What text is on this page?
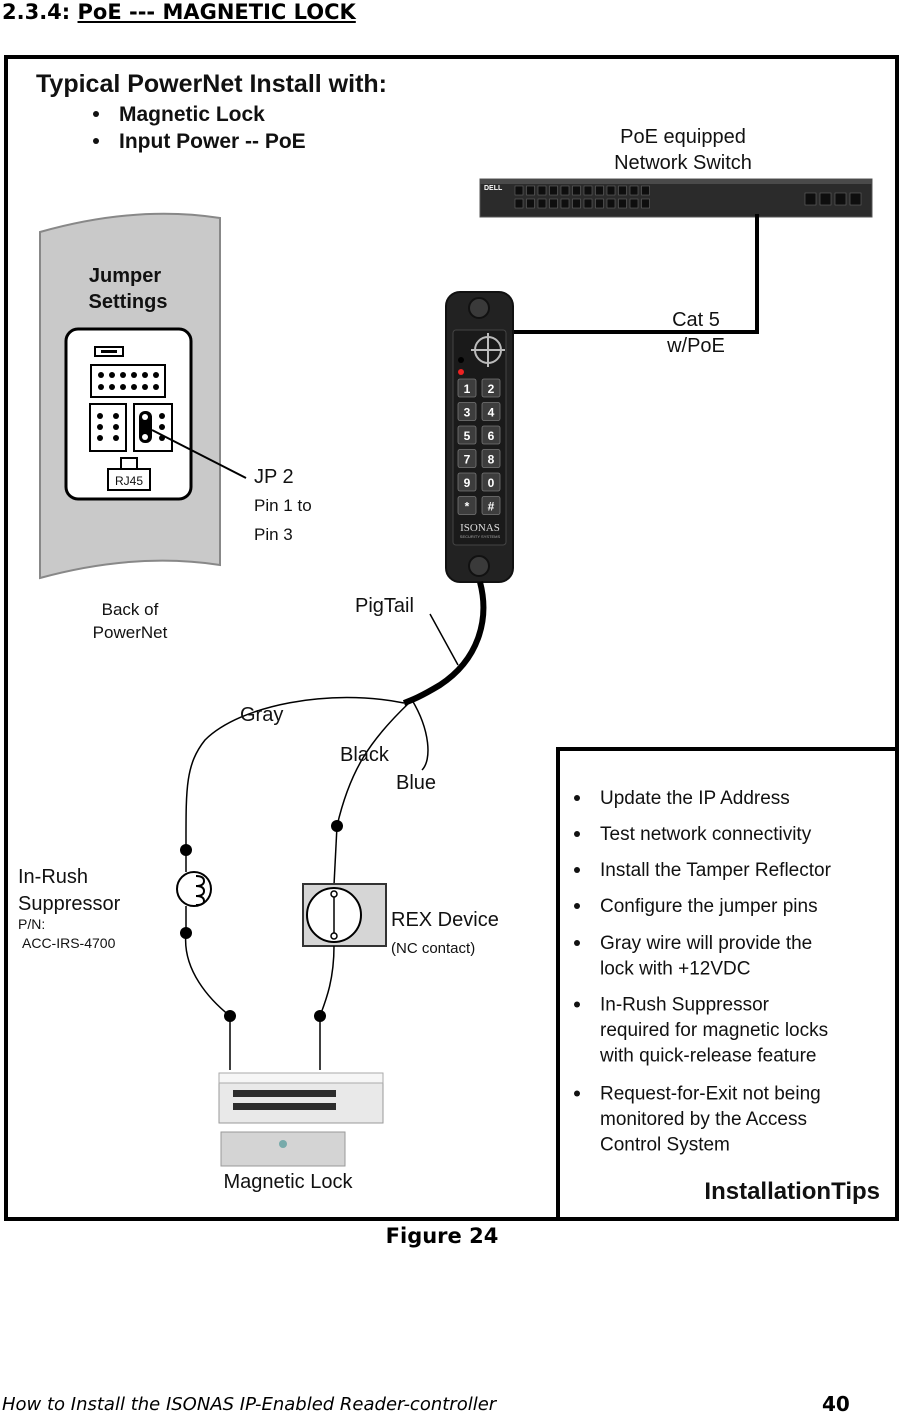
2.3.4: PoE --- MAGNETIC LOCK
Typical PowerNet Install with:
Magnetic Lock
Input Power -- PoE	PoE equipped
Network Switch
DELL
Cat 5
w/PoE
Jumper
Settings
RJ45	JP 2
Pin 1 to
Pin 3
Back of
PowerNet
1 2
3 4
5 6
7 8
9 0
* #
ISONAS
SECURITY SYSTEMS
PigTail
Gray
Black
Blue
In-Rush
Suppressor
P/N:
ACC-IRS-4700
REX Device
(NC contact)
Magnetic Lock
Update the IP Address
Test network connectivity
Install the Tamper Reflector
Configure the jumper pins
Gray wire will provide the
lock with +12VDC
In-Rush Suppressor
required for magnetic locks
with quick-release feature
Request-for-Exit not being
monitored by the Access
Control System
InstallationTips
Figure 24
How to Install the ISONAS IP-Enabled Reader-controller	40
